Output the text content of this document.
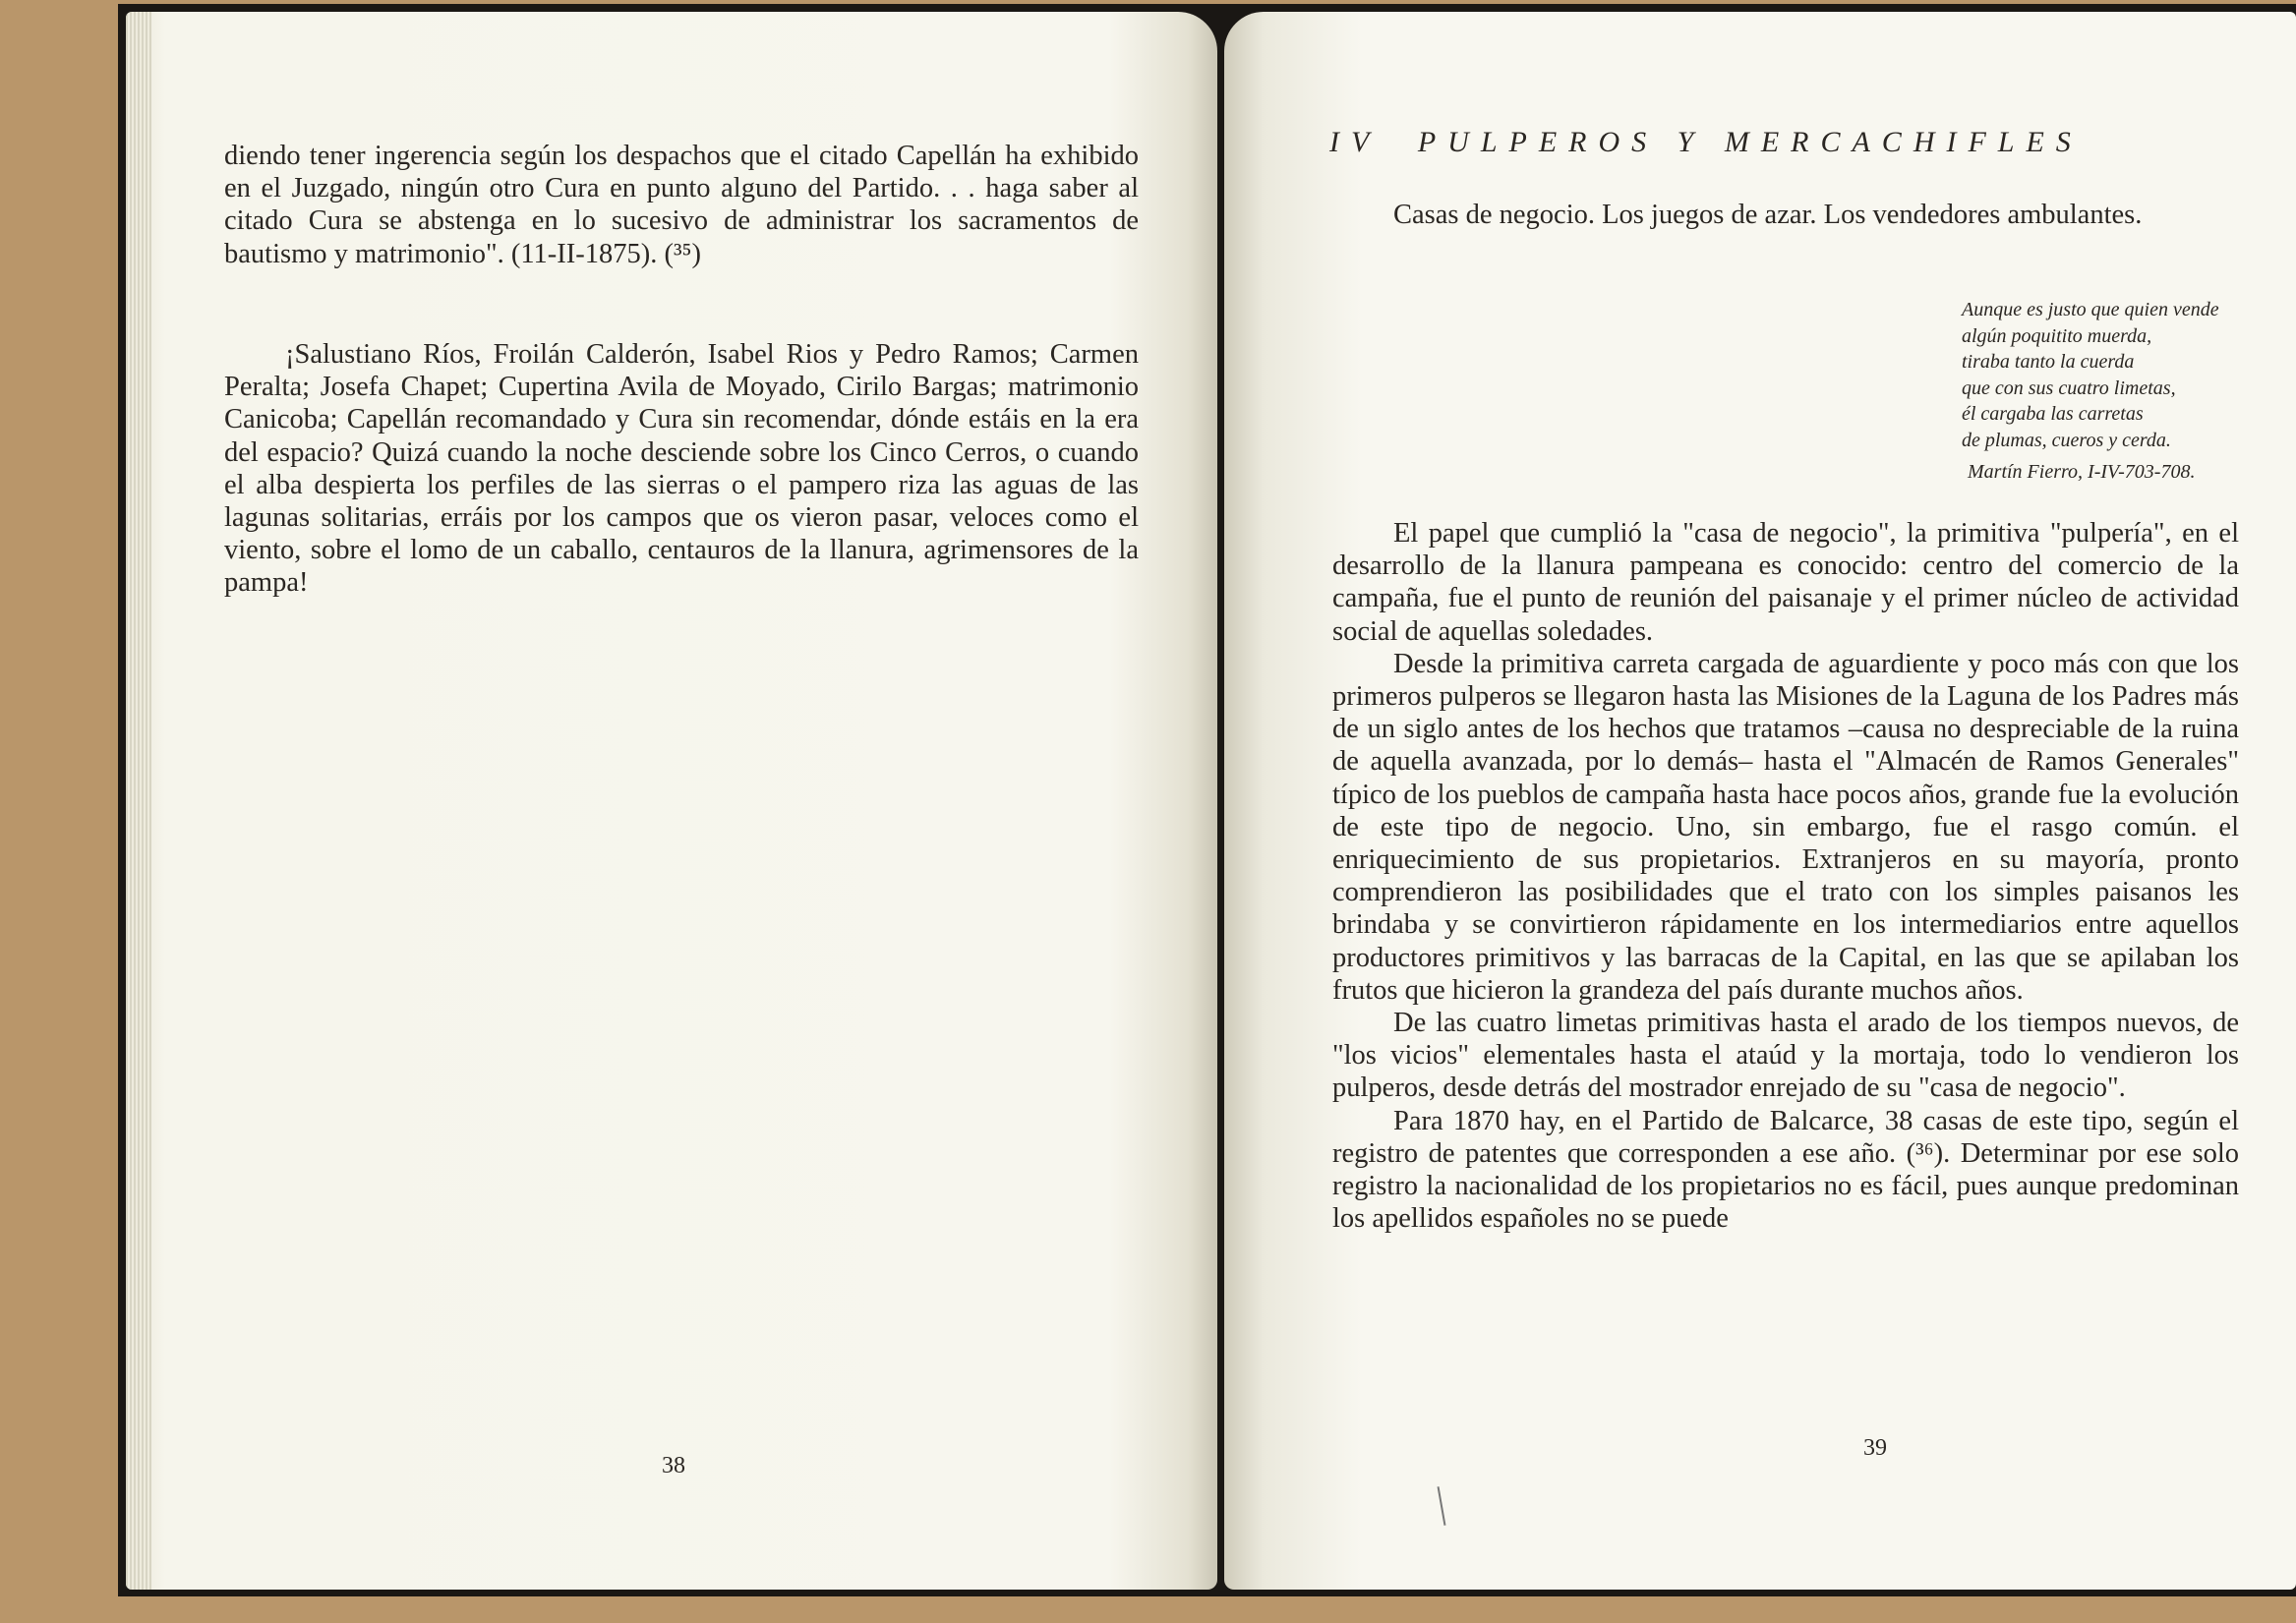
diendo tener ingerencia según los despachos que el citado Capellán ha exhibido en el Juzgado, ningún otro Cura en punto alguno del Partido. . . haga saber al citado Cura se abstenga en lo sucesivo de administrar los sacramentos de bautismo y matrimonio". (11-II-1875). (³⁵)

¡Salustiano Ríos, Froilán Calderón, Isabel Rios y Pedro Ramos; Carmen Peralta; Josefa Chapet; Cupertina Avila de Moyado, Cirilo Bargas; matrimonio Canicoba; Capellán recomandado y Cura sin recomendar, dónde estáis en la era del espacio? Quizá cuando la noche desciende sobre los Cinco Cerros, o cuando el alba despierta los perfiles de las sierras o el pampero riza las aguas de las lagunas solitarias, erráis por los campos que os vieron pasar, veloces como el viento, sobre el lomo de un caballo, centauros de la llanura, agrimensores de la pampa!

38
IV PULPEROS Y MERCACHIFLES

Casas de negocio. Los juegos de azar. Los vendedores ambulantes.

Aunque es justo que quien vende
algún poquitito muerda,
tiraba tanto la cuerda
que con sus cuatro limetas,
él cargaba las carretas
de plumas, cueros y cerda.
Martín Fierro, I-IV-703-708.

El papel que cumplió la "casa de negocio", la primitiva "pulpería", en el desarrollo de la llanura pampeana es conocido: centro del comercio de la campaña, fue el punto de reunión del paisanaje y el primer núcleo de actividad social de aquellas soledades.

Desde la primitiva carreta cargada de aguardiente y poco más con que los primeros pulperos se llegaron hasta las Misiones de la Laguna de los Padres más de un siglo antes de los hechos que tratamos –causa no despreciable de la ruina de aquella avanzada, por lo demás– hasta el "Almacén de Ramos Generales" típico de los pueblos de campaña hasta hace pocos años, grande fue la evolución de este tipo de negocio. Uno, sin embargo, fue el rasgo común. el enriquecimiento de sus propietarios. Extranjeros en su mayoría, pronto comprendieron las posibilidades que el trato con los simples paisanos les brindaba y se convirtieron rápidamente en los intermediarios entre aquellos productores primitivos y las barracas de la Capital, en las que se apilaban los frutos que hicieron la grandeza del país durante muchos años.

De las cuatro limetas primitivas hasta el arado de los tiempos nuevos, de "los vicios" elementales hasta el ataúd y la mortaja, todo lo vendieron los pulperos, desde detrás del mostrador enrejado de su "casa de negocio".

Para 1870 hay, en el Partido de Balcarce, 38 casas de este tipo, según el registro de patentes que corresponden a ese año. (³⁶). Determinar por ese solo registro la nacionalidad de los propietarios no es fácil, pues aunque predominan los apellidos españoles no se puede

39
